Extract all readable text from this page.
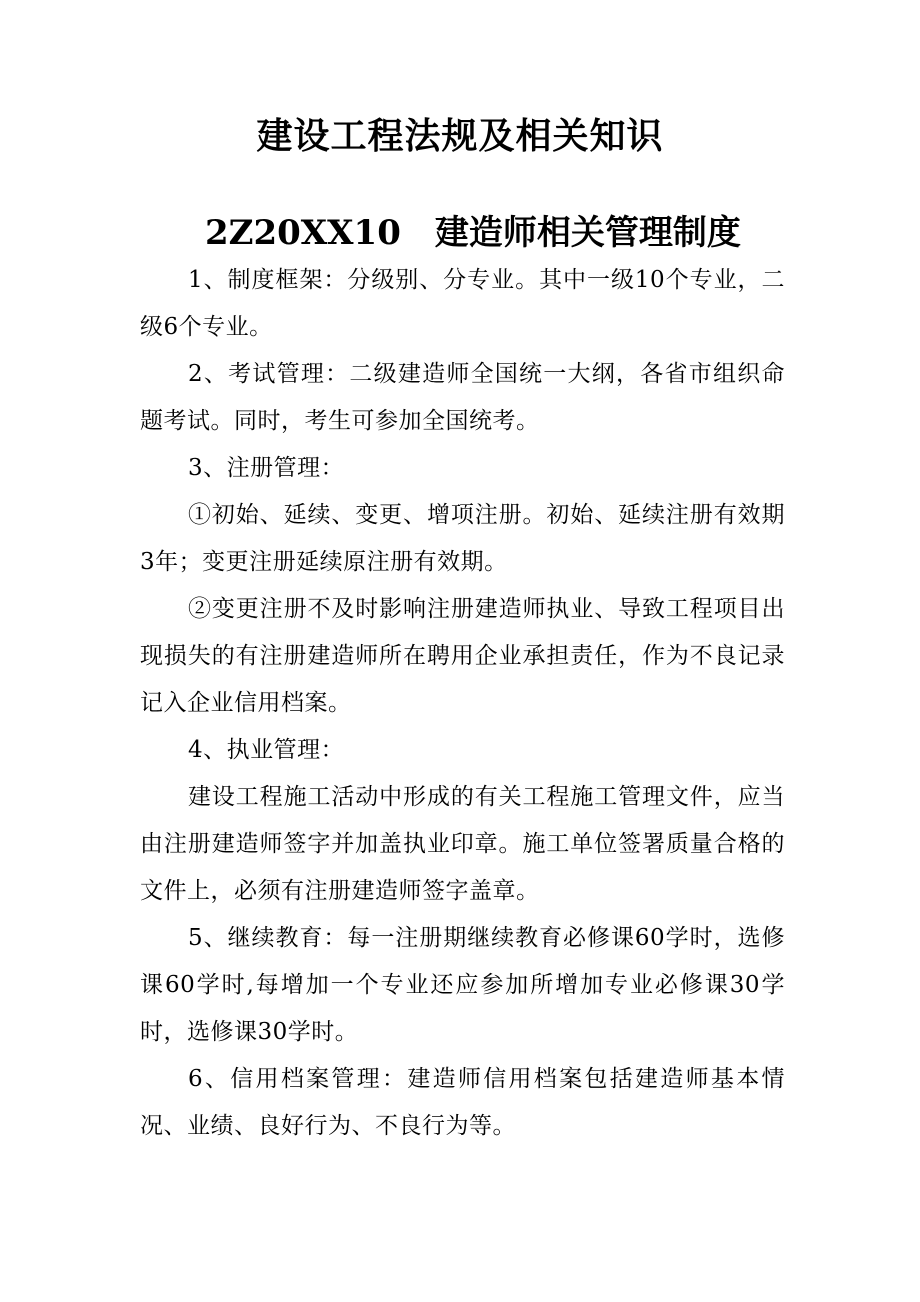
建设工程法规及相关知识
2Z20XX10 建造师相关管理制度

1、制度框架：分级别、分专业。其中一级10个专业，二级6个专业。

2、考试管理：二级建造师全国统一大纲，各省市组织命题考试。同时，考生可参加全国统考。

3、注册管理：

①初始、延续、变更、增项注册。初始、延续注册有效期3年；变更注册延续原注册有效期。

②变更注册不及时影响注册建造师执业、导致工程项目出现损失的有注册建造师所在聘用企业承担责任，作为不良记录记入企业信用档案。

4、执业管理：

建设工程施工活动中形成的有关工程施工管理文件，应当由注册建造师签字并加盖执业印章。施工单位签署质量合格的文件上，必须有注册建造师签字盖章。

5、继续教育：每一注册期继续教育必修课60学时，选修课60学时,每增加一个专业还应参加所增加专业必修课30学时，选修课30学时。

6、信用档案管理：建造师信用档案包括建造师基本情况、业绩、良好行为、不良行为等。
